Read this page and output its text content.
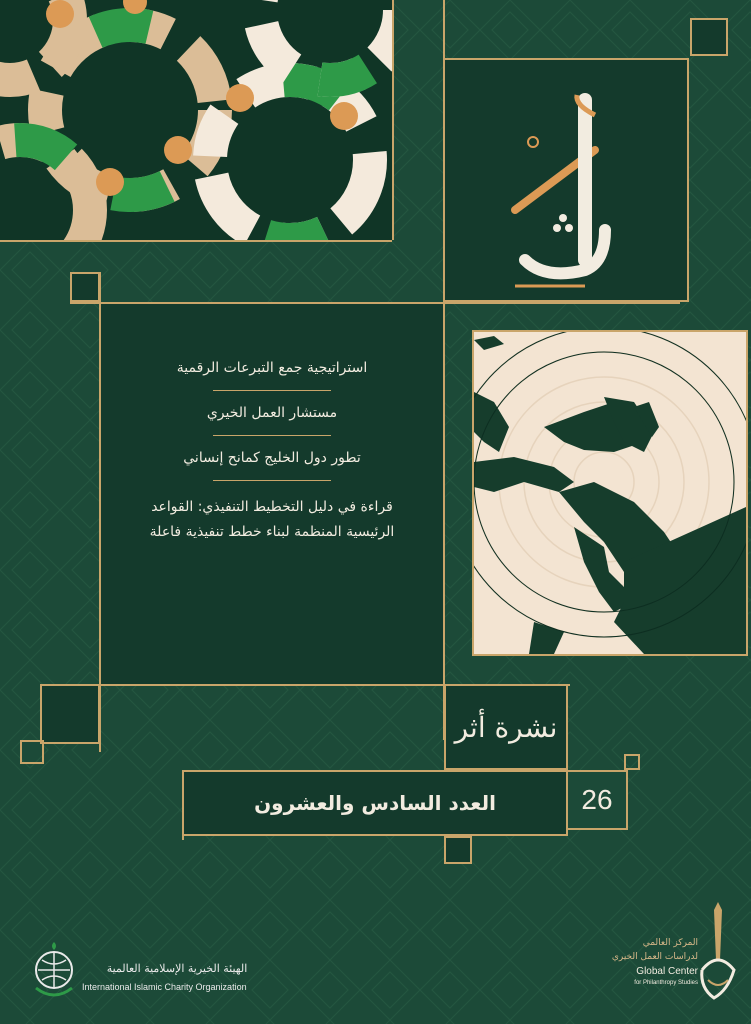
استراتيجية جمع التبرعات الرقمية
مستشار العمل الخيري
تطور دول الخليج كمانح إنساني
قراءة في دليل التخطيط التنفيذي: القواعد الرئيسية المنظمة لبناء خطط تنفيذية فاعلة
نشرة أثر
العدد السادس والعشرون	26
الهيئة الخيرية الإسلامية العالمية
International Islamic Charity Organization
المركز العالمي
لدراسات العمل الخيري
Global Center
for Philanthropy Studies
